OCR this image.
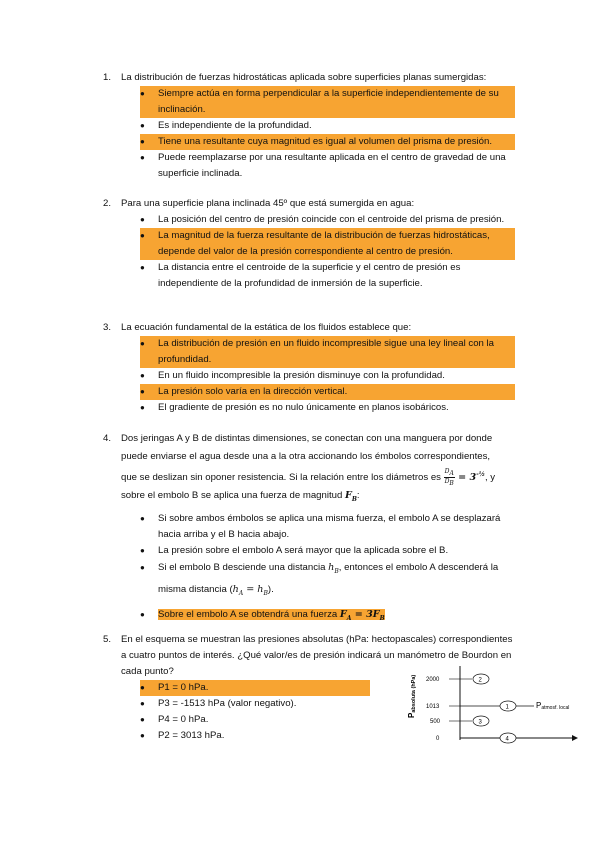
1.	La distribución de fuerzas hidrostáticas aplicada sobre superficies planas sumergidas:
●	Siempre actúa en forma perpendicular a la superficie independientemente de su inclinación.
●	Es independiente de la profundidad.
●	Tiene una resultante cuya magnitud es igual al volumen del prisma de presión.
●	Puede reemplazarse por una resultante aplicada en el centro de gravedad de una superficie inclinada.
2.	Para una superficie plana inclinada 45º que está sumergida en agua:
●	La posición del centro de presión coincide con el centroide del prisma de presión.
●	La magnitud de la fuerza resultante de la distribución de fuerzas hidrostáticas, depende del valor de la presión correspondiente al centro de presión.
●	La distancia entre el centroide de la superficie y el centro de presión es independiente de la profundidad de inmersión de la superficie.
3.	La ecuación fundamental de la estática de los fluidos establece que:
●	La distribución de presión en un fluido incompresible sigue una ley lineal con la profundidad.
●	En un fluido incompresible la presión disminuye con la profundidad.
●	La presión solo varía en la dirección vertical.
●	El gradiente de presión es no nulo únicamente en planos isobáricos.
4.	Dos jeringas A y B de distintas dimensiones, se conectan con una manguera por donde
puede enviarse el agua desde una a la otra accionando los émbolos correspondientes,
que se deslizan sin oponer resistencia. Si la relación entre los diámetros es $\frac{D_A}{D_B} = 3^{-\frac{1}{2}}$, y
sobre el embolo B se aplica una fuerza de magnitud $F_B$:
●	Si sobre ambos émbolos se aplica una misma fuerza, el embolo A se desplazará hacia arriba y el B hacia abajo.
●	La presión sobre el embolo A será mayor que la aplicada sobre el B.
●	Si el embolo B desciende una distancia $h_B$, entonces el embolo A descenderá la misma distancia $(h_A = h_B)$.
●	Sobre el embolo A se obtendrá una fuerza $F_A = 3F_B$
5.	En el esquema se muestran las presiones absolutas (hPa: hectopascales) correspondientes a cuatro puntos de interés. ¿Qué valor/es de presión indicará un manómetro de Bourdon en cada punto?
●	P1 = 0 hPa.
●	P3 = -1513 hPa (valor negativo).
●	P4 = 0 hPa.
●	P2 = 3013 hPa.
Pabsoluta (hPa) 2000
1013
500
0
2
1
3
4
Patmosf. local
